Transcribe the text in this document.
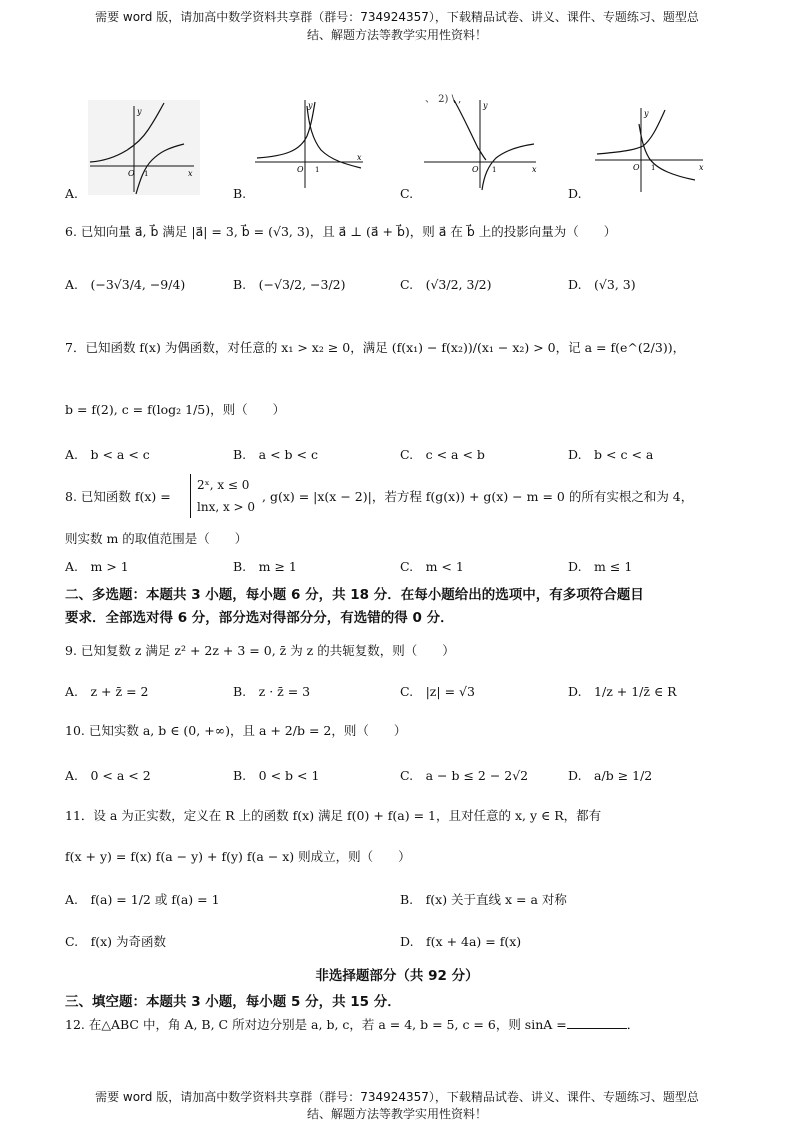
需要 word 版，请加高中数学资料共享群（群号：734924357），下载精品试卷、讲义、课件、专题练习、题型总
结、解题方法等教学实用性资料！
、 2) \ ,
y
x
O 1
y
x
O 1
y
x
O 1
y
x
O 1
A.	B.	C.	D.
6. 已知向量 a⃗, b⃗ 满足 |a⃗| = 3, b⃗ = (√3, 3)，且 a⃗ ⊥ (a⃗ + b⃗)，则 a⃗ 在 b⃗ 上的投影向量为（　　）
A.　(−3√3/4, −9/4)	B.　(−√3/2, −3/2)	C.　(√3/2, 3/2)	D.　(√3, 3)
7．已知函数 f(x) 为偶函数，对任意的 x₁ > x₂ ≥ 0，满足 (f(x₁) − f(x₂))/(x₁ − x₂) > 0，记 a = f(e^(2/3))，
b = f(2), c = f(log₂ 1/5)，则（　　）
A.　b < a < c	B.　a < b < c	C.　c < a < b	D.　b < c < a
8. 已知函数 f(x) =
2ˣ, x ≤ 0
lnx, x > 0
, g(x) = |x(x − 2)|，若方程 f(g(x)) + g(x) − m = 0 的所有实根之和为 4，
则实数 m 的取值范围是（　　）
A.　m > 1	B.　m ≥ 1	C.　m < 1	D.　m ≤ 1
二、多选题：本题共 3 小题，每小题 6 分，共 18 分．在每小题给出的选项中，有多项符合题目
要求．全部选对得 6 分，部分选对得部分分，有选错的得 0 分．
9. 已知复数 z 满足 z² + 2z + 3 = 0, z̄ 为 z 的共轭复数，则（　　）
A.　z + z̄ = 2	B.　z · z̄ = 3	C.　|z| = √3	D.　1/z + 1/z̄ ∈ R
10. 已知实数 a, b ∈ (0, +∞)，且 a + 2/b = 2，则（　　）
A.　0 < a < 2	B.　0 < b < 1	C.　a − b ≤ 2 − 2√2	D.　a/b ≥ 1/2
11．设 a 为正实数，定义在 R 上的函数 f(x) 满足 f(0) + f(a) = 1，且对任意的 x, y ∈ R，都有
f(x + y) = f(x) f(a − y) + f(y) f(a − x) 则成立，则（　　）
A.　f(a) = 1/2 或 f(a) = 1	B.　f(x) 关于直线 x = a 对称
C.　f(x) 为奇函数	D.　f(x + 4a) = f(x)
非选择题部分（共 92 分）
三、填空题：本题共 3 小题，每小题 5 分，共 15 分．
12. 在△ABC 中，角 A, B, C 所对边分别是 a, b, c，若 a = 4, b = 5, c = 6，则 sinA =	．
需要 word 版，请加高中数学资料共享群（群号：734924357），下载精品试卷、讲义、课件、专题练习、题型总
结、解题方法等教学实用性资料！
